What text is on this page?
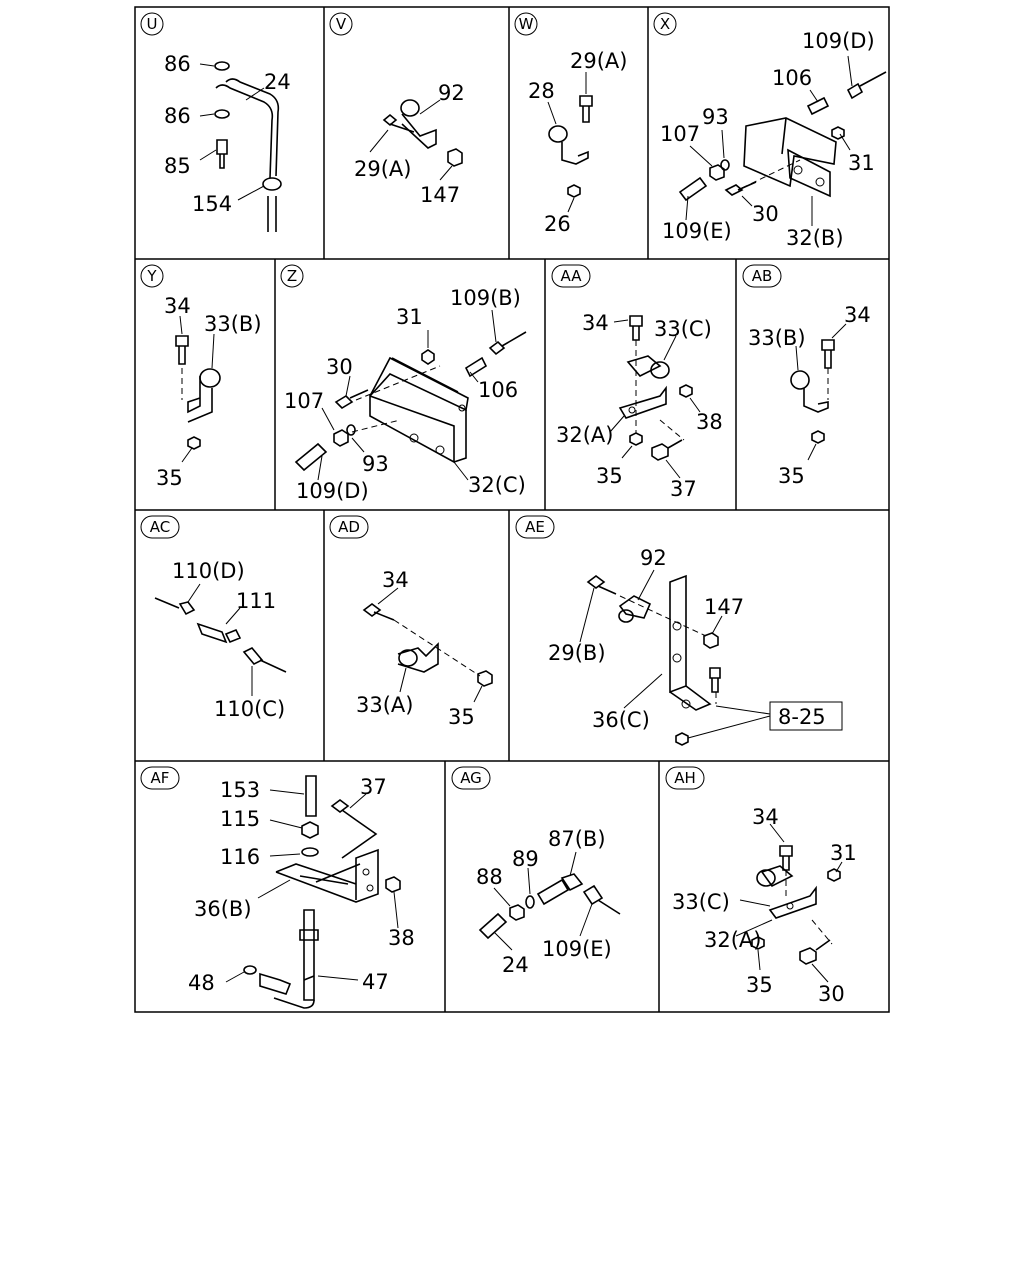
U
86
24
86
85
154
V
92
29(A)
147
W
29(A)
28
26
X
109(D)
106
93
107
31
109(E)
30
32(B)
Y
34
33(B)
35
Z
109(B)
31
30
106
107
93
109(D)	32(C)
AA
34 33(C)
38
32(A)
35
37
AB
34
33(B)
35
AC
110(D)
111
110(C)
AD
34
33(A) 35
AE
92
29(B)
147
36(C)	8-25
AF 153	37
115
116
36(B)
38
48	47
AG
87(B)
88
89
24
109(E)
AH
34
31
33(C)
32(A)
35 30
